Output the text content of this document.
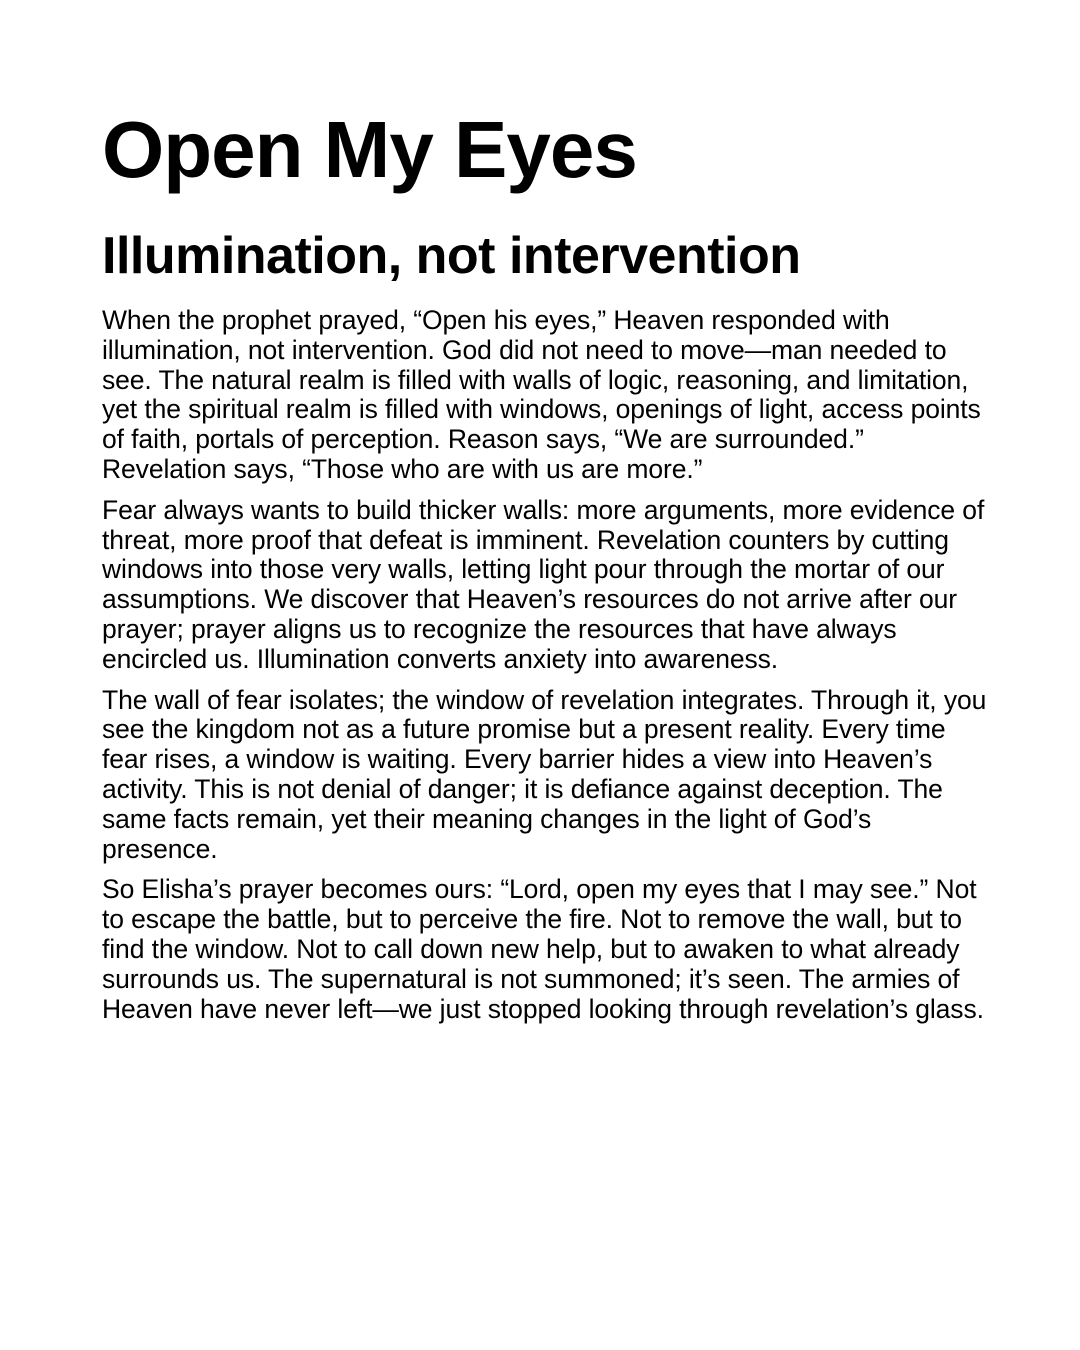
Open My Eyes
Illumination, not intervention

When the prophet prayed, “Open his eyes,” Heaven responded with illumination, not intervention. God did not need to move—man needed to see. The natural realm is filled with walls of logic, reasoning, and limitation, yet the spiritual realm is filled with windows, openings of light, access points of faith, portals of perception. Reason says, “We are surrounded.” Revelation says, “Those who are with us are more.”

Fear always wants to build thicker walls: more arguments, more evidence of threat, more proof that defeat is imminent. Revelation counters by cutting windows into those very walls, letting light pour through the mortar of our assumptions. We discover that Heaven’s resources do not arrive after our prayer; prayer aligns us to recognize the resources that have always encircled us. Illumination converts anxiety into awareness.

The wall of fear isolates; the window of revelation integrates. Through it, you see the kingdom not as a future promise but a present reality. Every time fear rises, a window is waiting. Every barrier hides a view into Heaven’s activity. This is not denial of danger; it is defiance against deception. The same facts remain, yet their meaning changes in the light of God’s presence.

So Elisha’s prayer becomes ours: “Lord, open my eyes that I may see.” Not to escape the battle, but to perceive the fire. Not to remove the wall, but to find the window. Not to call down new help, but to awaken to what already surrounds us. The supernatural is not summoned; it’s seen. The armies of Heaven have never left—we just stopped looking through revelation’s glass.
